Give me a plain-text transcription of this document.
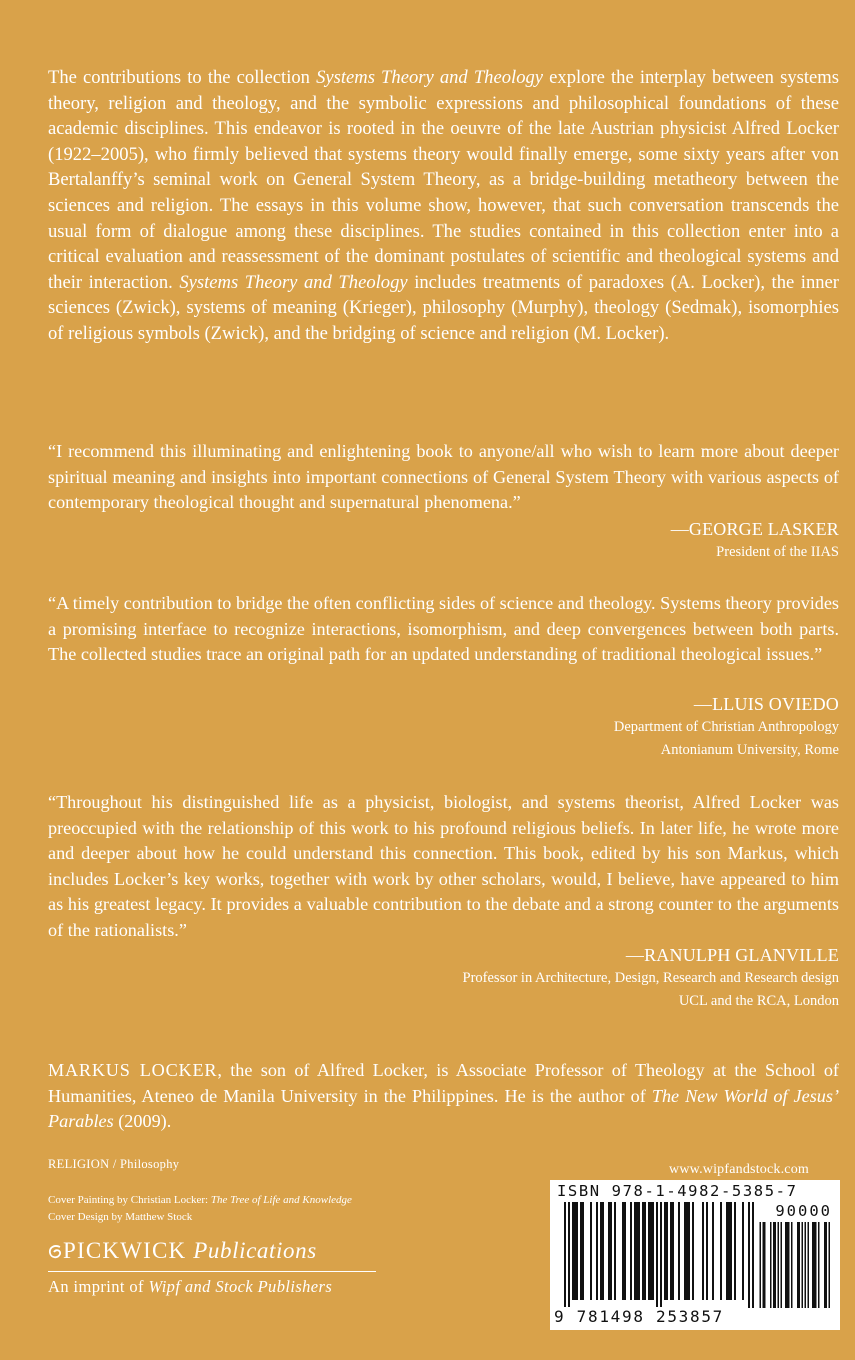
The contributions to the collection Systems Theory and Theology explore the interplay between systems theory, religion and theology, and the symbolic expressions and philosophical foundations of these academic disciplines. This endeavor is rooted in the oeuvre of the late Austrian physicist Alfred Locker (1922–2005), who firmly believed that systems theory would finally emerge, some sixty years after von Bertalanffy’s seminal work on General System Theory, as a bridge-building metatheory between the sciences and religion. The essays in this volume show, however, that such conversation transcends the usual form of dialogue among these disciplines. The studies contained in this collection enter into a critical evaluation and reassessment of the dominant postulates of scientific and theological systems and their interaction. Systems Theory and Theology includes treatments of paradoxes (A. Locker), the inner sciences (Zwick), systems of meaning (Krieger), philosophy (Murphy), theology (Sedmak), isomorphies of religious symbols (Zwick), and the bridging of science and religion (M. Locker).
“I recommend this illuminating and enlightening book to anyone/all who wish to learn more about deeper spiritual meaning and insights into important connections of General System Theory with various aspects of contemporary theological thought and supernatural phenomena.”
—GEORGE LASKER
President of the IIAS
“A timely contribution to bridge the often conflicting sides of science and theology. Systems theory provides a promising interface to recognize interactions, isomorphism, and deep convergences between both parts. The collected studies trace an original path for an updated understanding of traditional theological issues.”
—LLUIS OVIEDO
Department of Christian Anthropology
Antonianum University, Rome
“Throughout his distinguished life as a physicist, biologist, and systems theorist, Alfred Locker was preoccupied with the relationship of this work to his profound religious beliefs. In later life, he wrote more and deeper about how he could understand this connection. This book, edited by his son Markus, which includes Locker’s key works, together with work by other scholars, would, I believe, have appeared to him as his greatest legacy. It provides a valuable contribution to the debate and a strong counter to the arguments of the rationalists.”
—RANULPH GLANVILLE
Professor in Architecture, Design, Research and Research design
UCL and the RCA, London
MARKUS LOCKER, the son of Alfred Locker, is Associate Professor of Theology at the School of Humanities, Ateneo de Manila University in the Philippines. He is the author of The New World of Jesus’ Parables (2009).
RELIGION / Philosophy
Cover Painting by Christian Locker: The Tree of Life and Knowledge
Cover Design by Matthew Stock
PICKWICK Publications
An imprint of Wipf and Stock Publishers
www.wipfandstock.com
ISBN 978-1-4982-5385-7
90000
9 781498 253857
